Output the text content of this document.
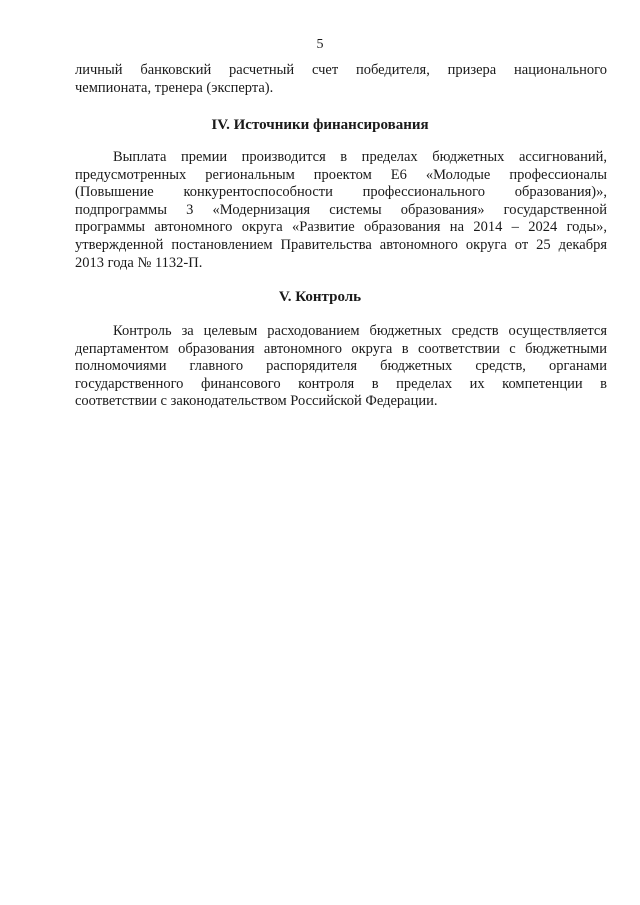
5
личный банковский расчетный счет победителя, призера национального
чемпионата, тренера (эксперта).
IV. Источники финансирования
Выплата премии производится в пределах бюджетных ассигнований,
предусмотренных региональным проектом Е6 «Молодые профессионалы
(Повышение конкурентоспособности профессионального образования)»,
подпрограммы 3 «Модернизация системы образования» государственной
программы автономного округа «Развитие образования на 2014 – 2024 годы»,
утвержденной постановлением Правительства автономного округа от 25 декабря
2013 года № 1132-П.
V. Контроль
Контроль за целевым расходованием бюджетных средств осуществляется
департаментом образования автономного округа в соответствии с бюджетными
полномочиями главного распорядителя бюджетных средств, органами
государственного финансового контроля в пределах их компетенции в
соответствии с законодательством Российской Федерации.
